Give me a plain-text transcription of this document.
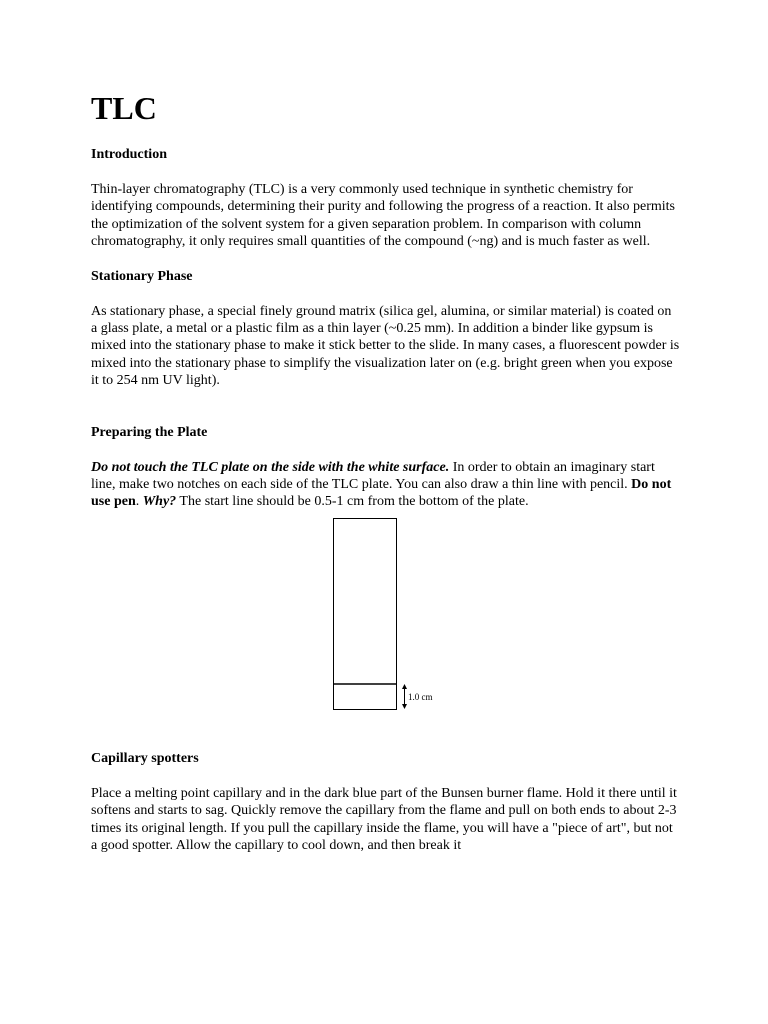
TLC
Introduction

Thin-layer chromatography (TLC) is a very commonly used technique in synthetic chemistry for identifying compounds, determining their purity and following the progress of a reaction. It also permits the optimization of the solvent system for a given separation problem. In comparison with column chromatography, it only requires small quantities of the compound (~ng) and is much faster as well.

Stationary Phase

As stationary phase, a special finely ground matrix (silica gel, alumina, or similar material) is coated on a glass plate, a metal or a plastic film as a thin layer (~0.25 mm). In addition a binder like gypsum is mixed into the stationary phase to make it stick better to the slide. In many cases, a fluorescent powder is mixed into the stationary phase to simplify the visualization later on (e.g. bright green when you expose it to 254 nm UV light).

Preparing the Plate

Do not touch the TLC plate on the side with the white surface. In order to obtain an imaginary start line, make two notches on each side of the TLC plate. You can also draw a thin line with pencil. Do not use pen. Why? The start line should be 0.5-1 cm from the bottom of the plate.

1.0 cm
Capillary spotters

Place a melting point capillary and in the dark blue part of the Bunsen burner flame. Hold it there until it softens and starts to sag. Quickly remove the capillary from the flame and pull on both ends to about 2-3 times its original length. If you pull the capillary inside the flame, you will have a "piece of art", but not a good spotter. Allow the capillary to cool down, and then break it
